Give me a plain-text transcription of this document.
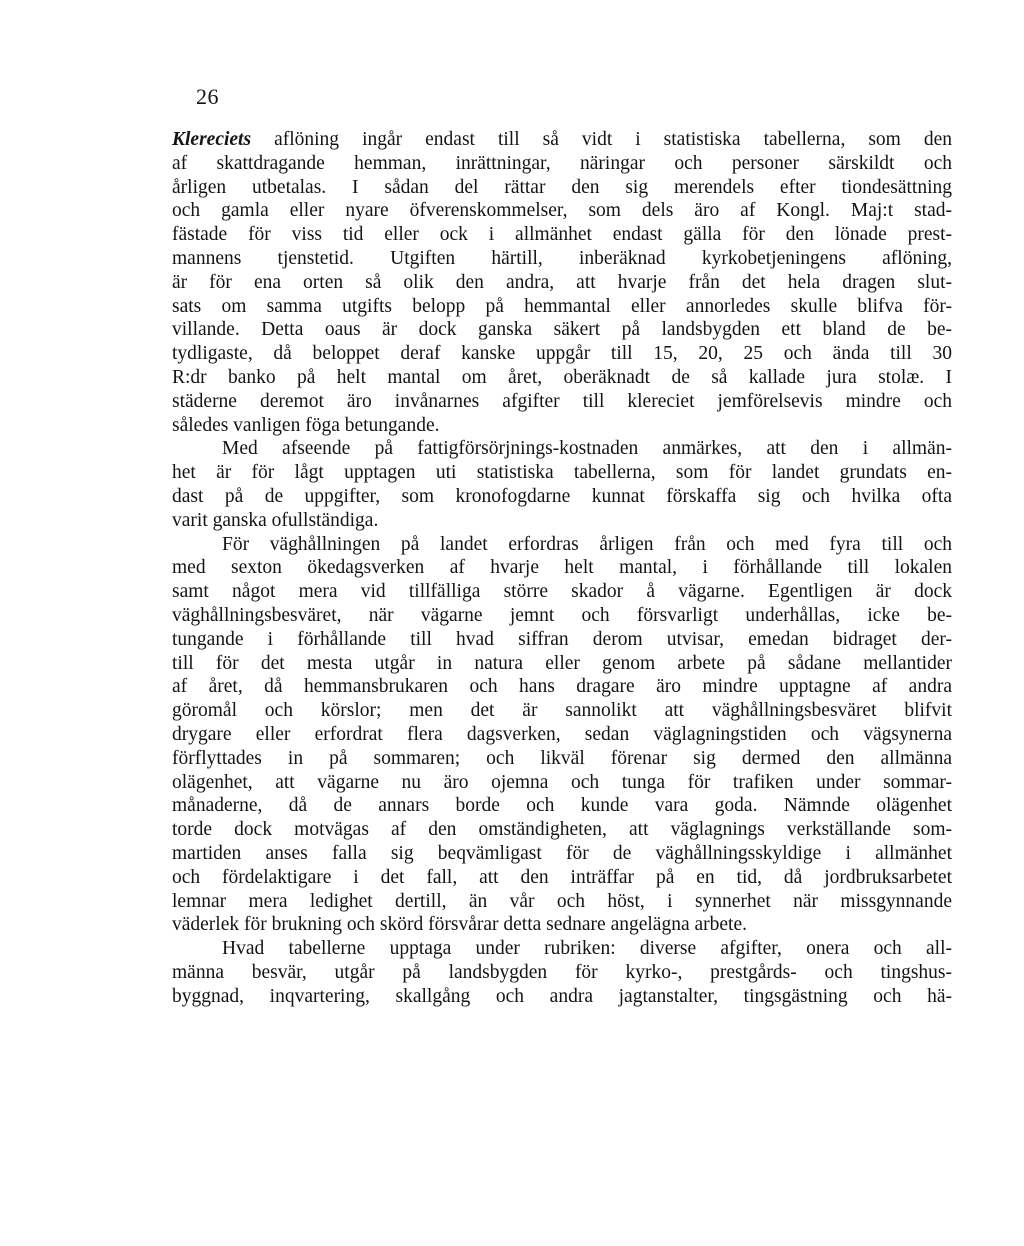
26
Klereciets aflöning ingår endast till så vidt i statistiska tabellerna, som den
af skattdragande hemman, inrättningar, näringar och personer särskildt och
årligen utbetalas. I sådan del rättar den sig merendels efter tiondesättning
och gamla eller nyare öfverenskommelser, som dels äro af Kongl. Maj:t stad-
fästade för viss tid eller ock i allmänhet endast gälla för den lönade prest-
mannens tjenstetid. Utgiften härtill, inberäknad kyrkobetjeningens aflöning,
är för ena orten så olik den andra, att hvarje från det hela dragen slut-
sats om samma utgifts belopp på hemmantal eller annorledes skulle blifva för-
villande. Detta oaus är dock ganska säkert på landsbygden ett bland de be-
tydligaste, då beloppet deraf kanske uppgår till 15, 20, 25 och ända till 30
R:dr banko på helt mantal om året, oberäknadt de så kallade jura stolæ. I
städerne deremot äro invånarnes afgifter till klereciet jemförelsevis mindre och
således vanligen föga betungande.
Med afseende på fattigförsörjnings-kostnaden anmärkes, att den i allmän-
het är för lågt upptagen uti statistiska tabellerna, som för landet grundats en-
dast på de uppgifter, som kronofogdarne kunnat förskaffa sig och hvilka ofta
varit ganska ofullständiga.
För väghållningen på landet erfordras årligen från och med fyra till och
med sexton ökedagsverken af hvarje helt mantal, i förhållande till lokalen
samt något mera vid tillfälliga större skador å vägarne. Egentligen är dock
väghållningsbesväret, när vägarne jemnt och försvarligt underhållas, icke be-
tungande i förhållande till hvad siffran derom utvisar, emedan bidraget der-
till för det mesta utgår in natura eller genom arbete på sådane mellantider
af året, då hemmansbrukaren och hans dragare äro mindre upptagne af andra
göromål och körslor; men det är sannolikt att väghållningsbesväret blifvit
drygare eller erfordrat flera dagsverken, sedan väglagningstiden och vägsynerna
förflyttades in på sommaren; och likväl förenar sig dermed den allmänna
olägenhet, att vägarne nu äro ojemna och tunga för trafiken under sommar-
månaderne, då de annars borde och kunde vara goda. Nämnde olägenhet
torde dock motvägas af den omständigheten, att väglagnings verkställande som-
martiden anses falla sig beqvämligast för de väghållningsskyldige i allmänhet
och fördelaktigare i det fall, att den inträffar på en tid, då jordbruksarbetet
lemnar mera ledighet dertill, än vår och höst, i synnerhet när missgynnande
väderlek för brukning och skörd försvårar detta sednare angelägna arbete.
Hvad tabellerne upptaga under rubriken: diverse afgifter, onera och all-
männa besvär, utgår på landsbygden för kyrko-, prestgårds- och tingshus-
byggnad, inqvartering, skallgång och andra jagtanstalter, tingsgästning och hä-
